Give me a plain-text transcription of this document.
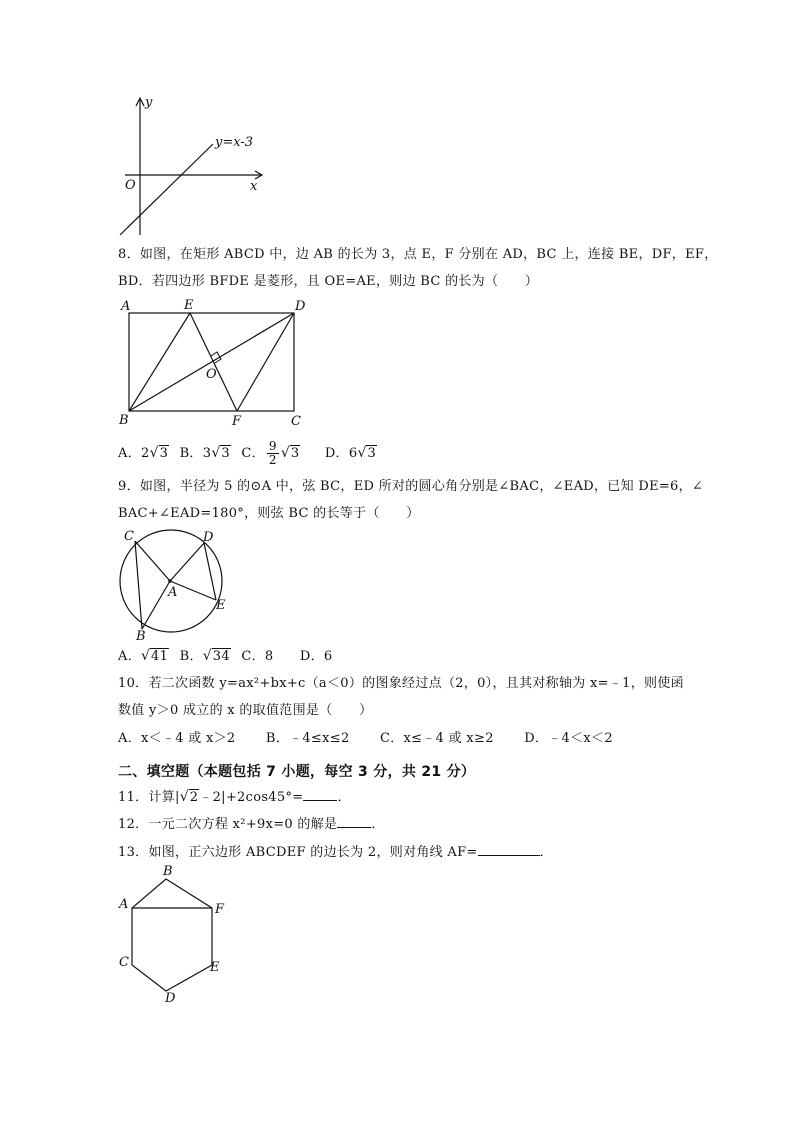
y
x
O
y=x-3
8．如图，在矩形 ABCD 中，边 AB 的长为 3，点 E，F 分别在 AD，BC 上，连接 BE，DF，EF，
BD．若四边形 BFDE 是菱形，且 OE=AE，则边 BC 的长为（　　）
A	E	D
O
B	F	C
A．2 √ 3 B．3 √ 3 C． $\frac{9}{2}$ √ 3 D．6 √ 3
9．如图，半径为 5 的⊙A 中，弦 BC，ED 所对的圆心角分别是∠BAC，∠EAD，已知 DE=6，∠
BAC+∠EAD=180°，则弦 BC 的长等于（　　）
C	D
A
E
B
A． √ 41 B． √ 34 C．8 D．6
10．若二次函数 y=ax²+bx+c（a＜0）的图象经过点（2，0），且其对称轴为 x=﹣1，则使函
数值 y＞0 成立的 x 的取值范围是（　　）
A．x＜﹣4 或 x＞2 B．﹣4≤x≤2 C．x≤﹣4 或 x≥2 D．﹣4＜x＜2
二、填空题（本题包括 7 小题，每空 3 分，共 21 分）
11．计算| √ 2﹣2|+2cos45°=	．
12．一元二次方程 x²+9x=0 的解是	．
13．如图，正六边形 ABCDEF 的边长为 2，则对角线 AF=	．
B
A	F
C	E
D
